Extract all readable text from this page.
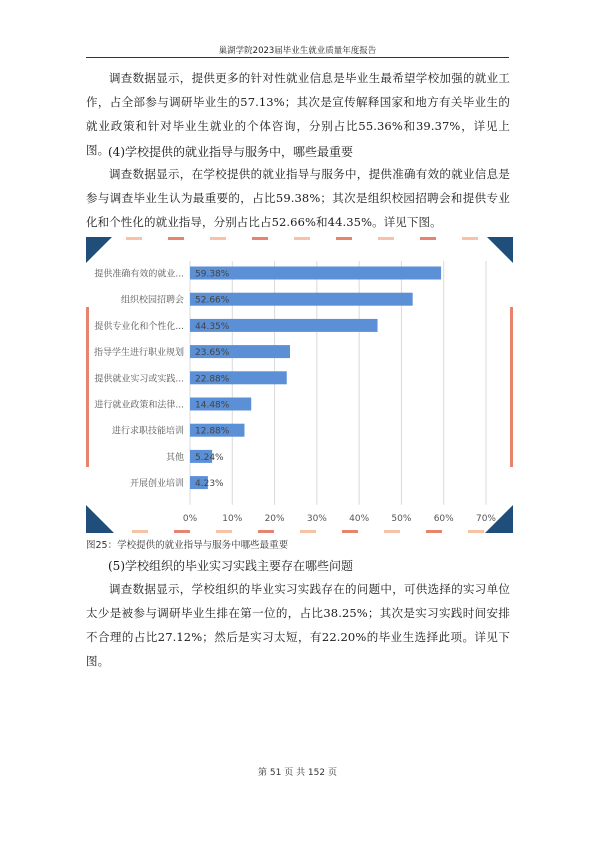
巢湖学院2023届毕业生就业质量年度报告
调查数据显示，提供更多的针对性就业信息是毕业生最希望学校加强的就业工作，占全部参与调研毕业生的57.13%；其次是宣传解释国家和地方有关毕业生的就业政策和针对毕业生就业的个体咨询，分别占比55.36%和39.37%，详见上图。
(4)学校提供的就业指导与服务中，哪些最重要
调查数据显示，在学校提供的就业指导与服务中，提供准确有效的就业信息是参与调查毕业生认为最重要的，占比59.38%；其次是组织校园招聘会和提供专业化和个性化的就业指导，分别占比占52.66%和44.35%。详见下图。
提供准确有效的就业...
组织校园招聘会
提供专业化和个性化...
指导学生进行职业规划
提供就业实习或实践...
进行就业政策和法律...
进行求职技能培训
其他
开展创业培训
59.38%
52.66%
44.35%
23.65%
22.88%
14.48%
12.88%
5.24%
4.23%
0%	10% 20% 30% 40% 50% 60% 70%
图25：学校提供的就业指导与服务中哪些最重要
(5)学校组织的毕业实习实践主要存在哪些问题
调查数据显示，学校组织的毕业实习实践存在的问题中，可供选择的实习单位太少是被参与调研毕业生排在第一位的，占比38.25%；其次是实习实践时间安排不合理的占比27.12%；然后是实习太短，有22.20%的毕业生选择此项。详见下图。
第 51 页 共 152 页
